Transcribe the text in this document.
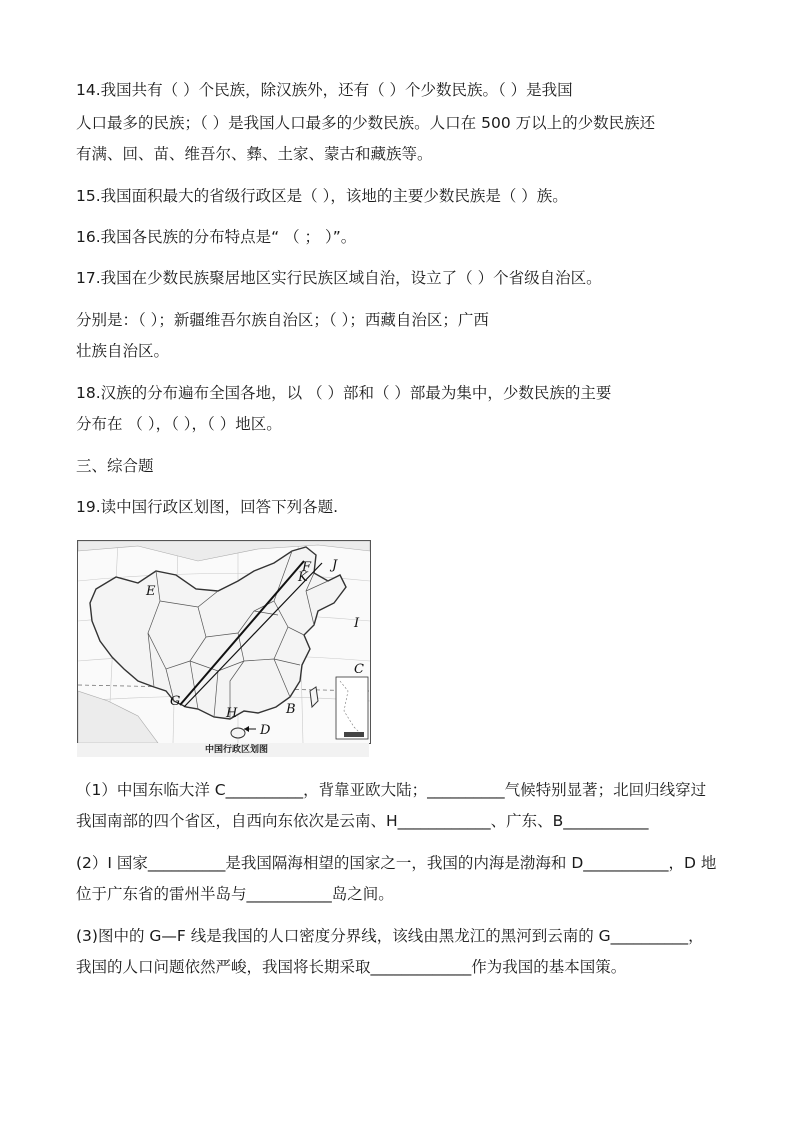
14.我国共有（ ）个民族，除汉族外，还有（ ）个少数民族。（ ）是我国
人口最多的民族；（ ）是我国人口最多的少数民族。人口在 500 万以上的少数民族还
有满、回、苗、维吾尔、彝、土家、蒙古和藏族等。
15.我国面积最大的省级行政区是（ ），该地的主要少数民族是（ ）族。
16.我国各民族的分布特点是“ （ ； ）”。
17.我国在少数民族聚居地区实行民族区域自治，设立了（ ）个省级自治区。
分别是：（ ）；新疆维吾尔族自治区；（ ）；西藏自治区；广西
壮族自治区。
18.汉族的分布遍布全国各地，以 （ ）部和（ ）部最为集中，少数民族的主要
分布在 （ ），（ ），（ ）地区。
三、综合题
19.读中国行政区划图，回答下列各题.
E
F J
K
I
C
G
H	B
D
中国行政区划图
（1）中国东临大洋 C__________，背靠亚欧大陆；__________气候特别显著；北回归线穿过
我国南部的四个省区，自西向东依次是云南、H____________、广东、B___________
(2）I 国家__________是我国隔海相望的国家之一，我国的内海是渤海和 D___________，D 地
位于广东省的雷州半岛与___________岛之间。
(3)图中的 G—F 线是我国的人口密度分界线，该线由黑龙江的黑河到云南的 G__________，
我国的人口问题依然严峻，我国将长期采取_____________作为我国的基本国策。
